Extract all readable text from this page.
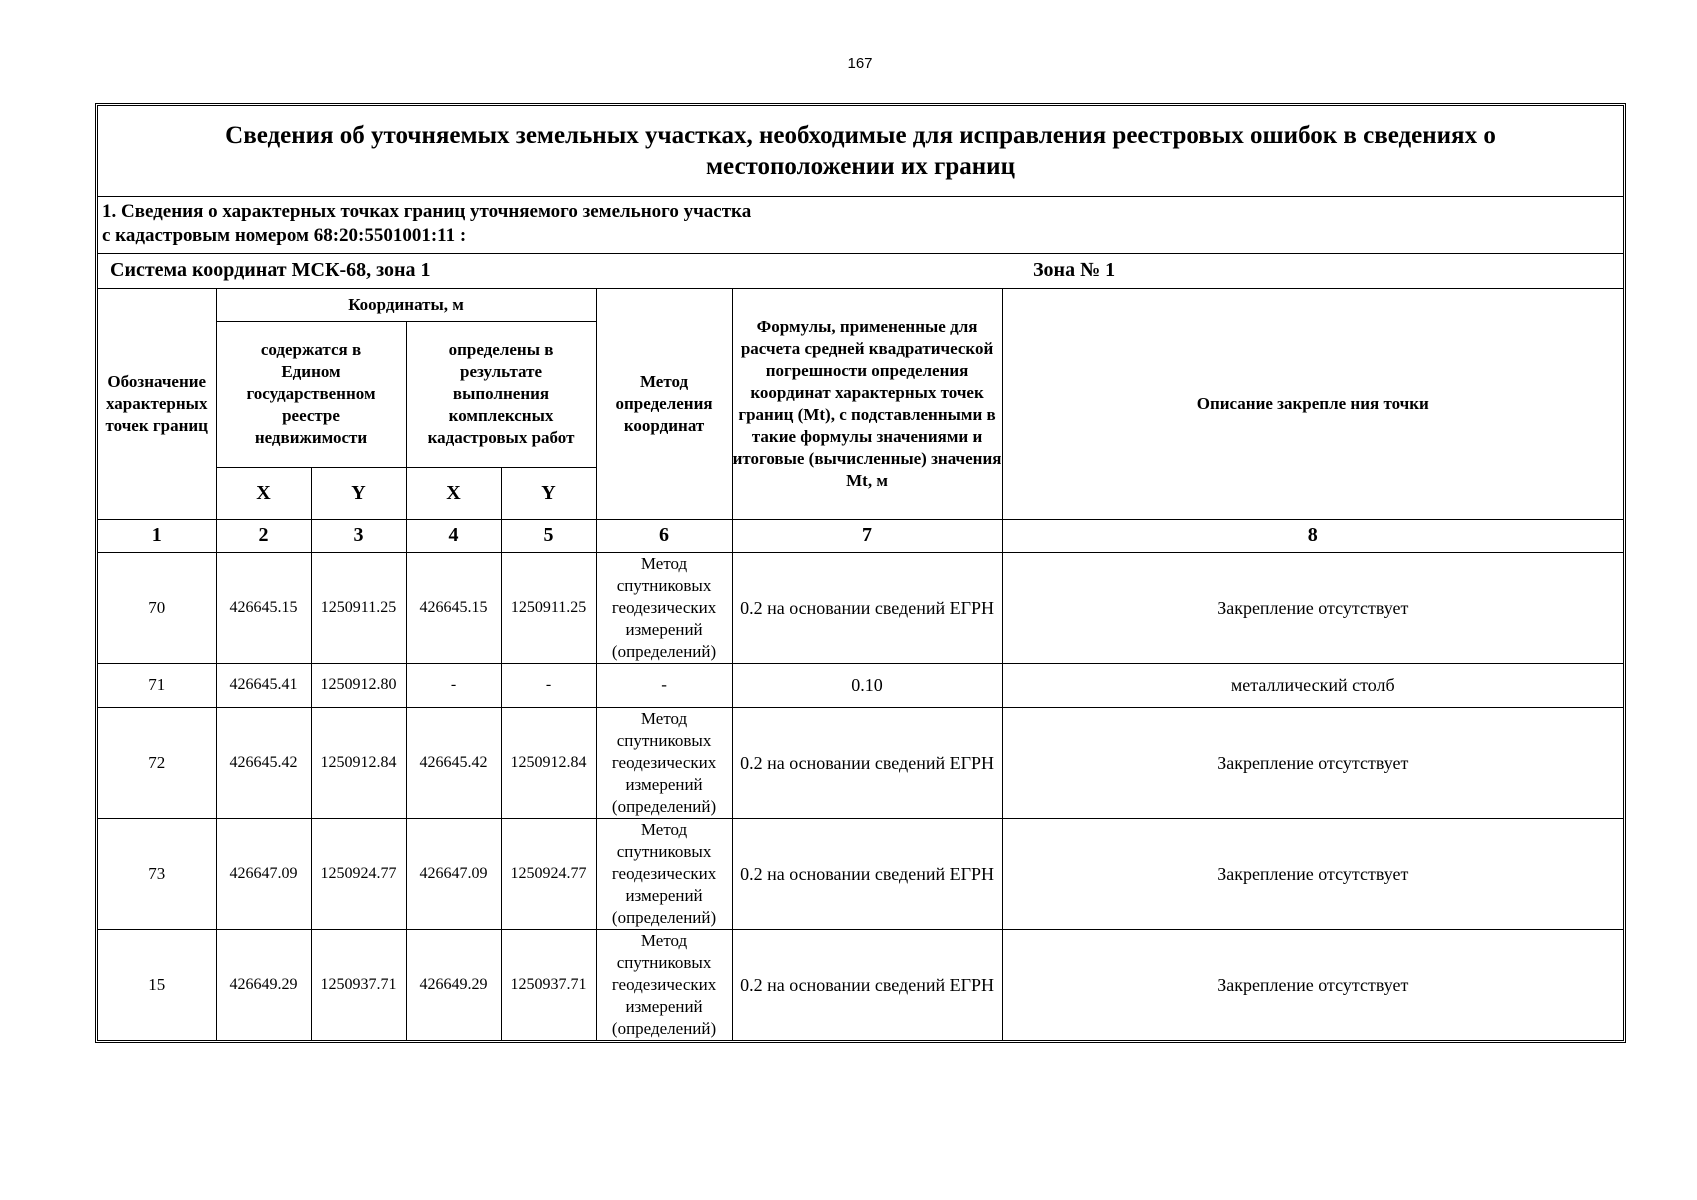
167
Сведения об уточняемых земельных участках, необходимые для исправления реестровых ошибок в сведениях о местоположении их границ
1. Сведения о характерных точках границ уточняемого земельного участка
с кадастровым номером 68:20:5501001:11 :
Система координат МСК-68, зона 1	Зона № 1
Обозначение характерных точек границ	Координаты, м				Метод определения координат	Формулы, примененные для расчета средней квадратической погрешности определения координат характерных точек границ (Mt), с подставленными в такие формулы значениями и итоговые (вычисленные) значения Mt, м	Описание закрепле ния точки
	содержатся в Едином государственном реестре недвижимости		определены в результате выполнения комплексных кадастровых работ				
	X	Y	X	Y			
1	2	3	4	5	6	7	8
70	426645.15	1250911.25	426645.15	1250911.25	Метод спутниковых геодезических измерений (определений)	0.2 на основании сведений ЕГРН	Закрепление отсутствует
71	426645.41	1250912.80	-	-	-	0.10	металлический столб
72	426645.42	1250912.84	426645.42	1250912.84	Метод спутниковых геодезических измерений (определений)	0.2 на основании сведений ЕГРН	Закрепление отсутствует
73	426647.09	1250924.77	426647.09	1250924.77	Метод спутниковых геодезических измерений (определений)	0.2 на основании сведений ЕГРН	Закрепление отсутствует
15	426649.29	1250937.71	426649.29	1250937.71	Метод спутниковых геодезических измерений (определений)	0.2 на основании сведений ЕГРН	Закрепление отсутствует
